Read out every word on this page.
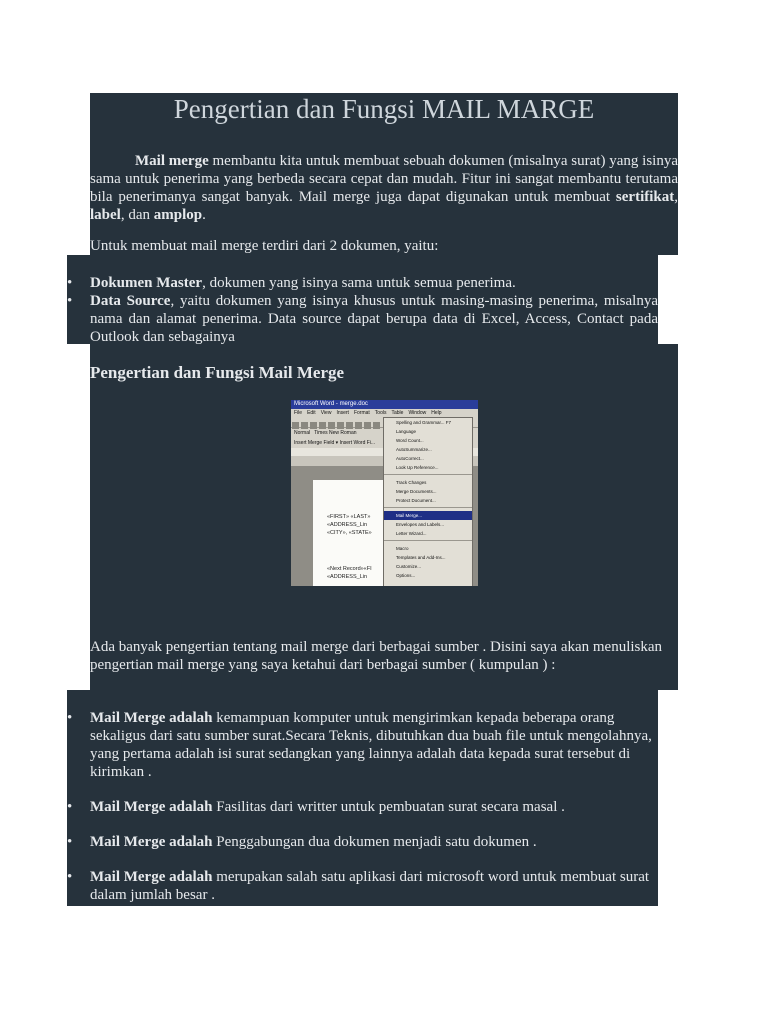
Pengertian dan Fungsi MAIL MARGE

Mail merge membantu kita untuk membuat sebuah dokumen (misalnya surat) yang isinya sama untuk penerima yang berbeda secara cepat dan mudah. Fitur ini sangat membantu terutama bila penerimanya sangat banyak. Mail merge juga dapat digunakan untuk membuat sertifikat, label, dan amplop.

Untuk membuat mail merge terdiri dari 2 dokumen, yaitu:

• Dokumen Master, dokumen yang isinya sama untuk semua penerima.
• Data Source, yaitu dokumen yang isinya khusus untuk masing-masing penerima, misalnya nama dan alamat penerima. Data source dapat berupa data di Excel, Access, Contact pada Outlook dan sebagainya
Pengertian dan Fungsi Mail Merge
Microsoft Word - merge.doc
File Edit View Insert Format Tools Table Window Help
Normal Times New Roman
Insert Merge Field ▾ Insert Word Fi...
«FIRST» «LAST»
«ADDRESS_Lin
«CITY», «STATE»
«Next Record»«FI
«ADDRESS_Lin
Spelling and Grammar... F7
Language
Word Count...
AutoSummarize...
AutoCorrect...
Look Up Reference...
Track Changes
Merge Documents...
Protect Document...
Mail Merge...
Envelopes and Labels...
Letter Wizard...
Macro
Templates and Add-Ins...
Customize...
Options...

Ada banyak pengertian tentang mail merge dari berbagai sumber . Disini saya akan menuliskan pengertian mail merge yang saya ketahui dari berbagai sumber ( kumpulan ) :

• Mail Merge adalah kemampuan komputer untuk mengirimkan kepada beberapa orang sekaligus dari satu sumber surat.Secara Teknis, dibutuhkan dua buah file untuk mengolahnya, yang pertama adalah isi surat sedangkan yang lainnya adalah data kepada surat tersebut di kirimkan .
• Mail Merge adalah Fasilitas dari writter untuk pembuatan surat secara masal .
• Mail Merge adalah Penggabungan dua dokumen menjadi satu dokumen .
• Mail Merge adalah merupakan salah satu aplikasi dari microsoft word untuk membuat surat dalam jumlah besar .
